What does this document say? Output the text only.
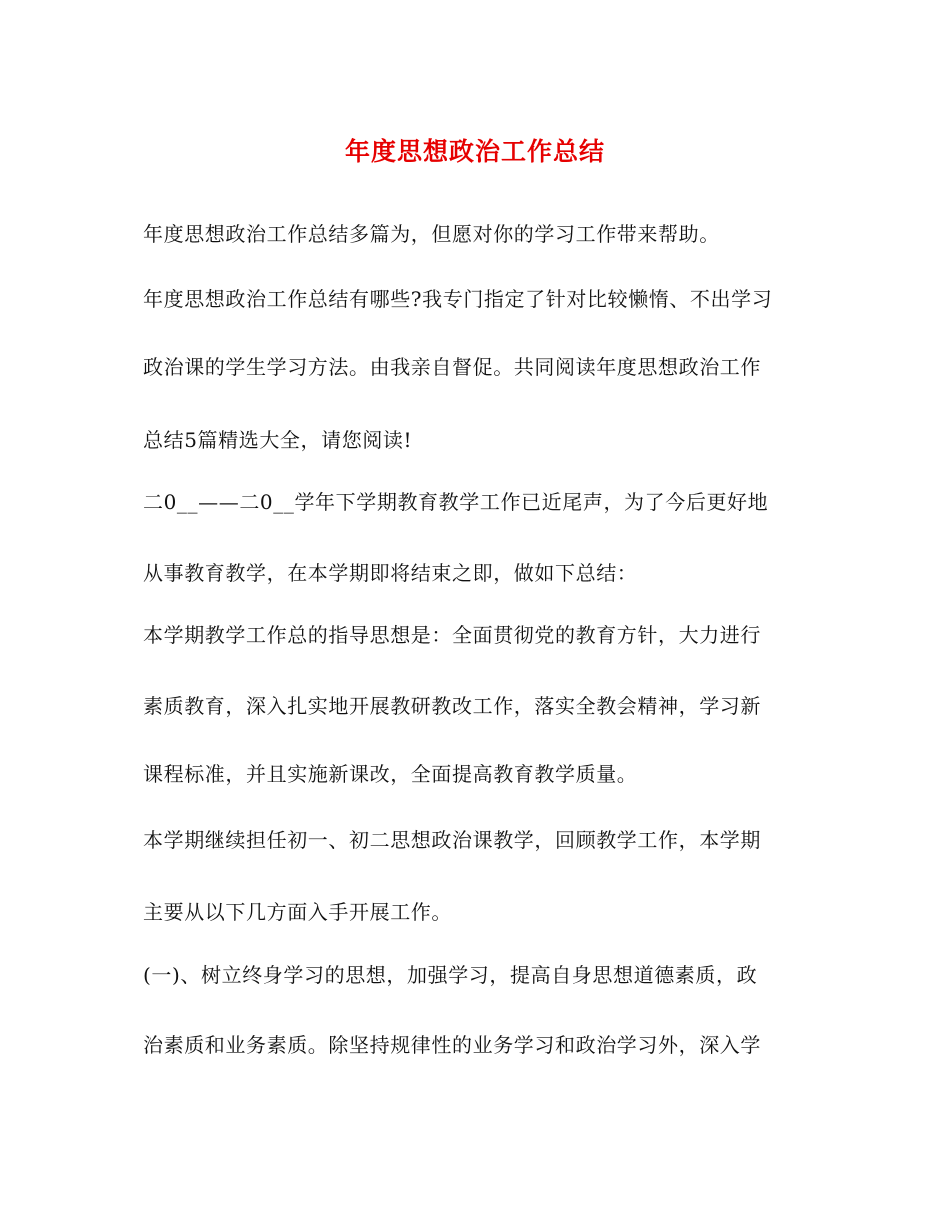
年度思想政治工作总结
年度思想政治工作总结多篇为，但愿对你的学习工作带来帮助。
年度思想政治工作总结有哪些?我专门指定了针对比较懒惰、不出学习
政治课的学生学习方法。由我亲自督促。共同阅读年度思想政治工作
总结5篇精选大全，请您阅读!
二0__——二0__学年下学期教育教学工作已近尾声，为了今后更好地
从事教育教学，在本学期即将结束之即，做如下总结：
本学期教学工作总的指导思想是：全面贯彻党的教育方针，大力进行
素质教育，深入扎实地开展教研教改工作，落实全教会精神，学习新
课程标准，并且实施新课改，全面提高教育教学质量。
本学期继续担任初一、初二思想政治课教学，回顾教学工作，本学期
主要从以下几方面入手开展工作。
(一)、树立终身学习的思想，加强学习，提高自身思想道德素质，政
治素质和业务素质。除坚持规律性的业务学习和政治学习外，深入学
